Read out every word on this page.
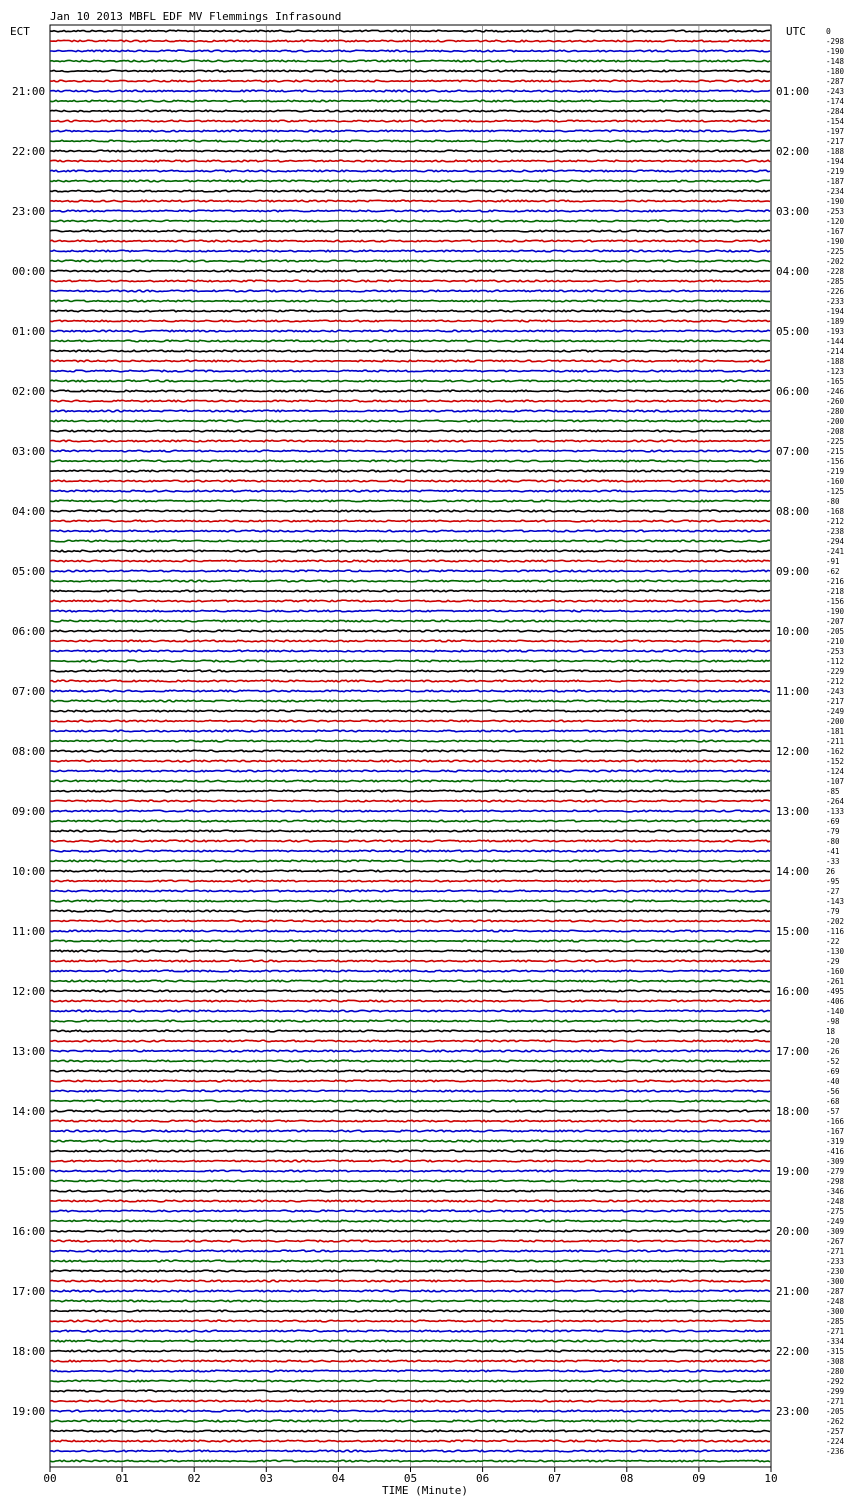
Jan 10 2013 MBFL EDF MV Flemmings Infrasound
ECT	UTC	0
00	01	02	03	04	05	06	07	08	09	10
-298
-190
-148
-180
-287
-243
-174
-284
-154
-197
-217
-188
-194
-219
-187
-234
-190
-253
-120
-167
-190
-225
-202
-228
-285
-226
-233
-194
-189
-193
-144
-214
-188
-123
-165
-246
-260
-280
-200
-208
-225
-215
-156
-219
-160
-125
-80
-168
-212
-238
-294
-241
-91
-62
-216
-218
-156
-190
-207
-205
-210
-253
-112
-229
-212
-243
-217
-249
-200
-181
-211
-162
-152
-124
-107
-85
-264
-133
-69
-79
-80
-41
-33
26
-95
-27
-143
-79
-202
-116
-22
-130
-29
-160
-261
-495
-406
-140
-98
18
-20
-26
-52
-69
-40
-56
-68
-57
-166
-167
-319
-416
-309
-279
-298
-346
-248
-275
-249
-309
-267
-271
-233
-230
-300
-287
-248
-300
-285
-271
-334
-315
-308
-280
-292
-299
-271
-205
-262
-257
-224
-236
21:00
22:00
23:00
00:00
01:00
02:00
03:00
04:00
05:00
06:00
07:00
08:00
09:00
10:00
11:00
12:00
13:00
14:00
15:00
16:00
17:00
18:00
19:00
01:00
02:00
03:00
04:00
05:00
06:00
07:00
08:00
09:00
10:00
11:00
12:00
13:00
14:00
15:00
16:00
17:00
18:00
19:00
20:00
21:00
22:00
23:00
TIME (Minute)
